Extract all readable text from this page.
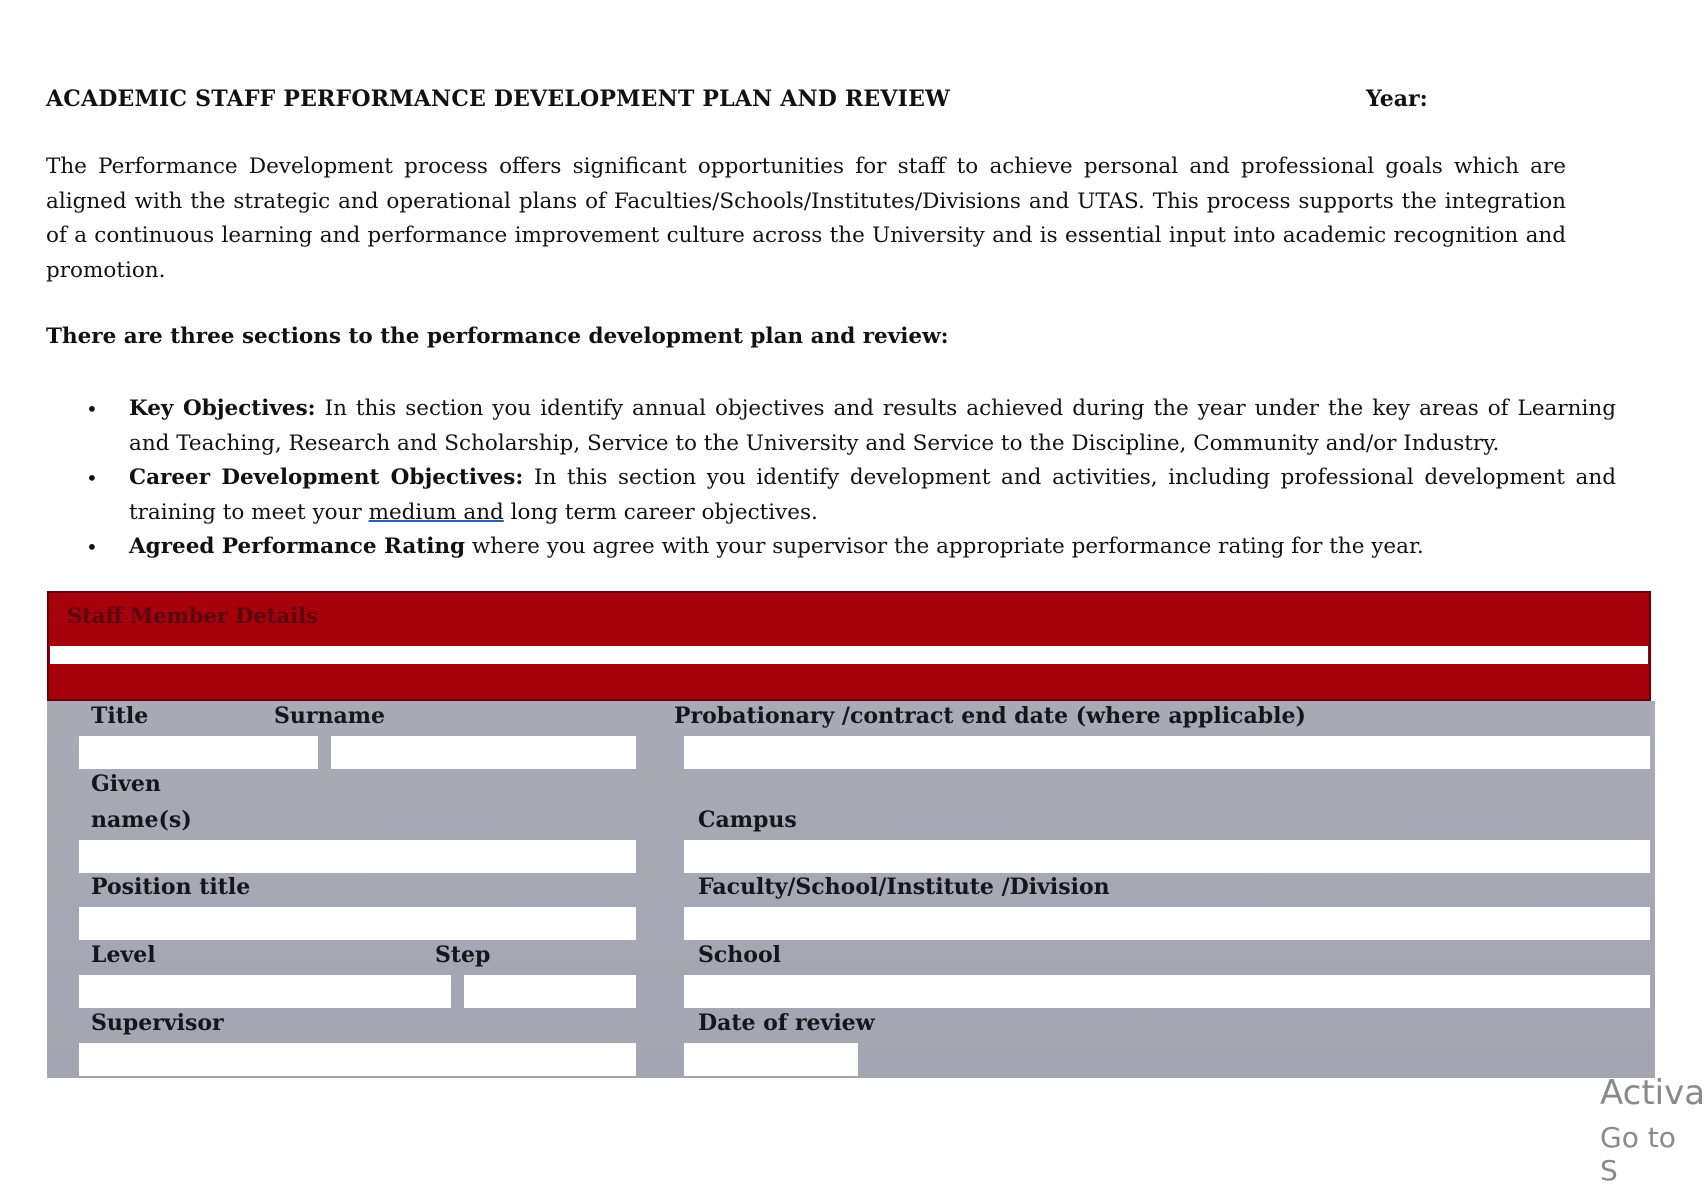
ACADEMIC STAFF PERFORMANCE DEVELOPMENT PLAN AND REVIEW	Year:
The Performance Development process offers significant opportunities for staff to achieve personal and professional goals which are aligned with the strategic and operational plans of Faculties/Schools/Institutes/Divisions and UTAS. This process supports the integration of a continuous learning and performance improvement culture across the University and is essential input into academic recognition and promotion.
There are three sections to the performance development plan and review:
• Key Objectives: In this section you identify annual objectives and results achieved during the year under the key areas of Learning and Teaching, Research and Scholarship, Service to the University and Service to the Discipline, Community and/or Industry.
• Career Development Objectives: In this section you identify development and activities, including professional development and training to meet your medium and long term career objectives.
• Agreed Performance Rating where you agree with your supervisor the appropriate performance rating for the year.
Staff Member Details
Title	Surname	Probationary /contract end date (where applicable)
Given
name(s)	Campus
Position title	Faculty/School/Institute /Division
Level	Step	School
Supervisor	Date of review
Activa
Go to S
